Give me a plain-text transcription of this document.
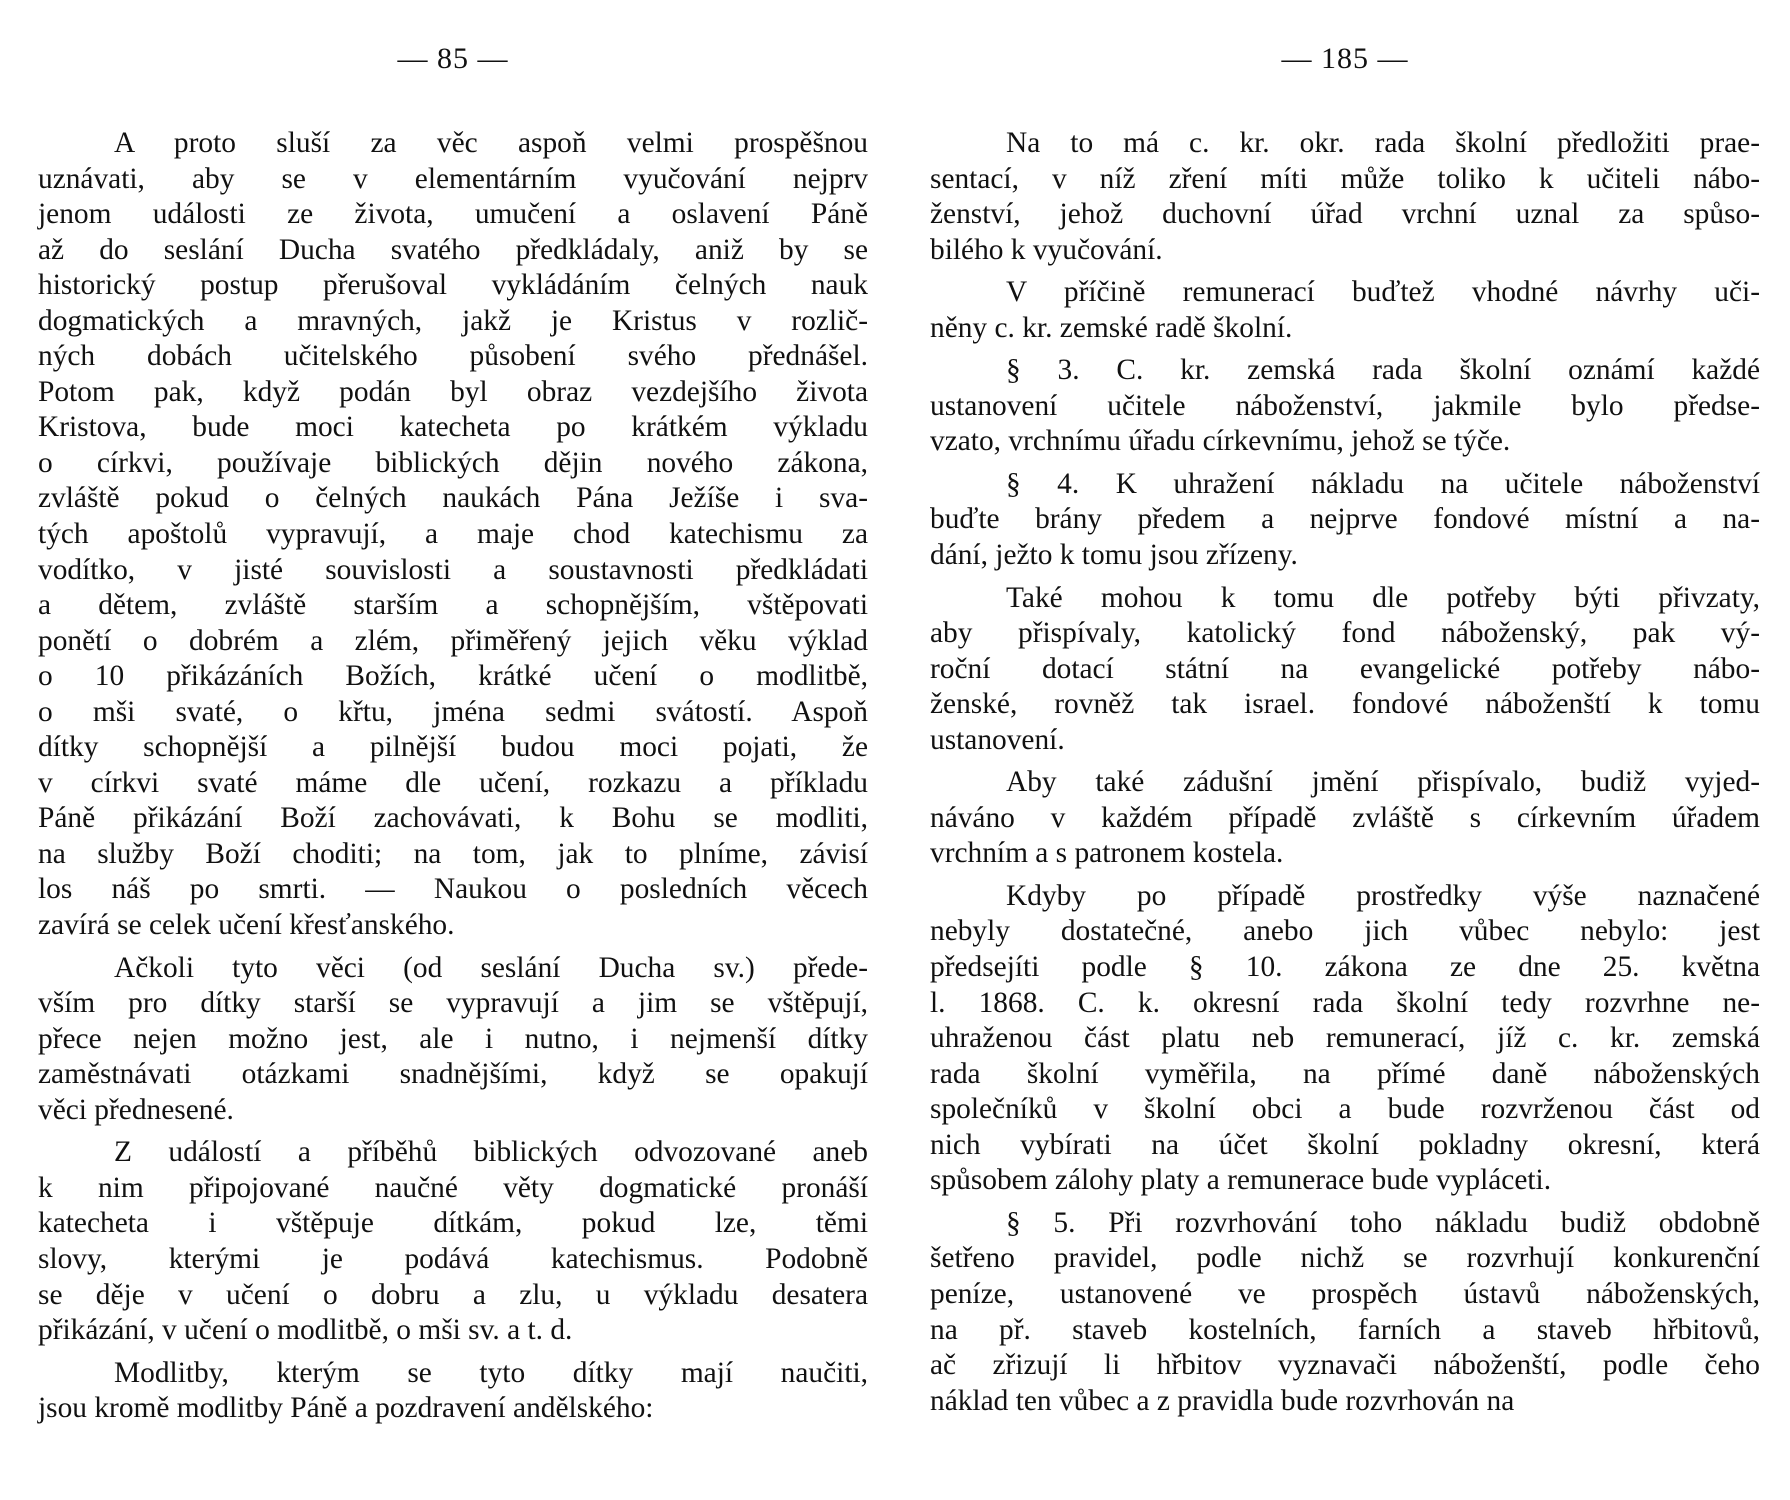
— 85 —
A proto sluší za věc aspoň velmi prospěšnou
uznávati, aby se v elementárním vyučování nejprv
jenom události ze života, umučení a oslavení Páně
až do seslání Ducha svatého předkládaly, aniž by se
historický postup přerušoval vykládáním čelných nauk
dogmatických a mravných, jakž je Kristus v rozlič-
ných dobách učitelského působení svého přednášel.
Potom pak, když podán byl obraz vezdejšího života
Kristova, bude moci katecheta po krátkém výkladu
o církvi, používaje biblických dějin nového zákona,
zvláště pokud o čelných naukách Pána Ježíše i sva-
tých apoštolů vypravují, a maje chod katechismu za
vodítko, v jisté souvislosti a soustavnosti předkládati
a dětem, zvláště starším a schopnějším, vštěpovati
ponětí o dobrém a zlém, přiměřený jejich věku výklad
o 10 přikázáních Božích, krátké učení o modlitbě,
o mši svaté, o křtu, jména sedmi svátostí. Aspoň
dítky schopnější a pilnější budou moci pojati, že
v církvi svaté máme dle učení, rozkazu a příkladu
Páně přikázání Boží zachovávati, k Bohu se modliti,
na služby Boží choditi; na tom, jak to plníme, závisí
los náš po smrti. — Naukou o posledních věcech
zavírá se celek učení křesťanského.
Ačkoli tyto věci (od seslání Ducha sv.) přede-
vším pro dítky starší se vypravují a jim se vštěpují,
přece nejen možno jest, ale i nutno, i nejmenší dítky
zaměstnávati otázkami snadnějšími, když se opakují
věci přednesené.
Z událostí a příběhů biblických odvozované aneb
k nim připojované naučné věty dogmatické pronáší
katecheta i vštěpuje dítkám, pokud lze, těmi
slovy, kterými je podává katechismus. Podobně
se děje v učení o dobru a zlu, u výkladu desatera
přikázání, v učení o modlitbě, o mši sv. a t. d.
Modlitby, kterým se tyto dítky mají naučiti,
jsou kromě modlitby Páně a pozdravení andělského:
— 185 —
Na to má c. kr. okr. rada školní předložiti prae-
sentací, v níž zření míti může toliko k učiteli nábo-
ženství, jehož duchovní úřad vrchní uznal za spůso-
bilého k vyučování.
V příčině remunerací buďtež vhodné návrhy uči-
něny c. kr. zemské radě školní.
§ 3. C. kr. zemská rada školní oznámí každé
ustanovení učitele náboženství, jakmile bylo předse-
vzato, vrchnímu úřadu církevnímu, jehož se týče.
§ 4. K uhražení nákladu na učitele náboženství
buďte brány předem a nejprve fondové místní a na-
dání, ježto k tomu jsou zřízeny.
Také mohou k tomu dle potřeby býti přivzaty,
aby přispívaly, katolický fond náboženský, pak vý-
roční dotací státní na evangelické potřeby nábo-
ženské, rovněž tak israel. fondové náboženští k tomu
ustanovení.
Aby také zádušní jmění přispívalo, budiž vyjed-
náváno v každém případě zvláště s církevním úřadem
vrchním a s patronem kostela.
Kdyby po případě prostředky výše naznačené
nebyly dostatečné, anebo jich vůbec nebylo: jest
předsejíti podle § 10. zákona ze dne 25. května
l. 1868. C. k. okresní rada školní tedy rozvrhne ne-
uhraženou část platu neb remunerací, jíž c. kr. zemská
rada školní vyměřila, na přímé daně náboženských
společníků v školní obci a bude rozvrženou část od
nich vybírati na účet školní pokladny okresní, která
spůsobem zálohy platy a remunerace bude vypláceti.
§ 5. Při rozvrhování toho nákladu budiž obdobně
šetřeno pravidel, podle nichž se rozvrhují konkurenční
peníze, ustanovené ve prospěch ústavů náboženských,
na př. staveb kostelních, farních a staveb hřbitovů,
ač zřizují li hřbitov vyznavači náboženští, podle čeho
náklad ten vůbec a z pravidla bude rozvrhován na
